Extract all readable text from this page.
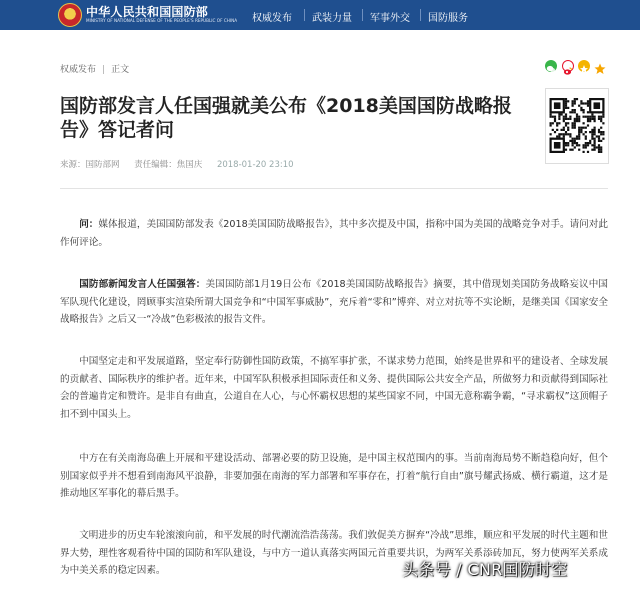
中华人民共和国国防部
MINISTRY OF NATIONAL DEFENSE OF THE PEOPLE'S REPUBLIC OF CHINA 权威发布 武装力量 军事外交 国防服务
权威发布 | 正文
国防部发言人任国强就美公布《2018美国国防战略报告》答记者问
来源：国防部网 责任编辑：焦国庆 2018-01-20 23:10
问：媒体报道，美国国防部发表《2018美国国防战略报告》，其中多次提及中国，指称中国为美国的战略竞争对手。请问对此作何评论。
国防部新闻发言人任国强答：美国国防部1月19日公布《2018美国国防战略报告》摘要，其中借现划美国防务战略妄议中国军队现代化建设，罔顾事实渲染所谓大国竞争和“中国军事威胁”，充斥着“零和”博弈、对立对抗等不实论断，是继美国《国家安全战略报告》之后又一“冷战”色彩极浓的报告文件。
中国坚定走和平发展道路，坚定奉行防御性国防政策，不搞军事扩张，不谋求势力范围，始终是世界和平的建设者、全球发展的贡献者、国际秩序的维护者。近年来，中国军队积极承担国际责任和义务、提供国际公共安全产品，所做努力和贡献得到国际社会的普遍肯定和赞许。是非自有曲直，公道自在人心，与心怀霸权思想的某些国家不同，中国无意称霸争霸，“寻求霸权”这顶帽子扣不到中国头上。
中方在有关南海岛礁上开展和平建设活动、部署必要的防卫设施，是中国主权范围内的事。当前南海局势不断趋稳向好，但个别国家似乎并不想看到南海风平浪静，非要加强在南海的军力部署和军事存在，打着“航行自由”旗号耀武扬威、横行霸道，这才是推动地区军事化的幕后黑手。
文明进步的历史车轮滚滚向前，和平发展的时代潮流浩浩荡荡。我们敦促美方摒弃“冷战”思维，顺应和平发展的时代主题和世界大势，理性客观看待中国的国防和军队建设，与中方一道认真落实两国元首重要共识，为两军关系添砖加瓦，努力使两军关系成为中美关系的稳定因素。	头条号 / CNR国防时空
